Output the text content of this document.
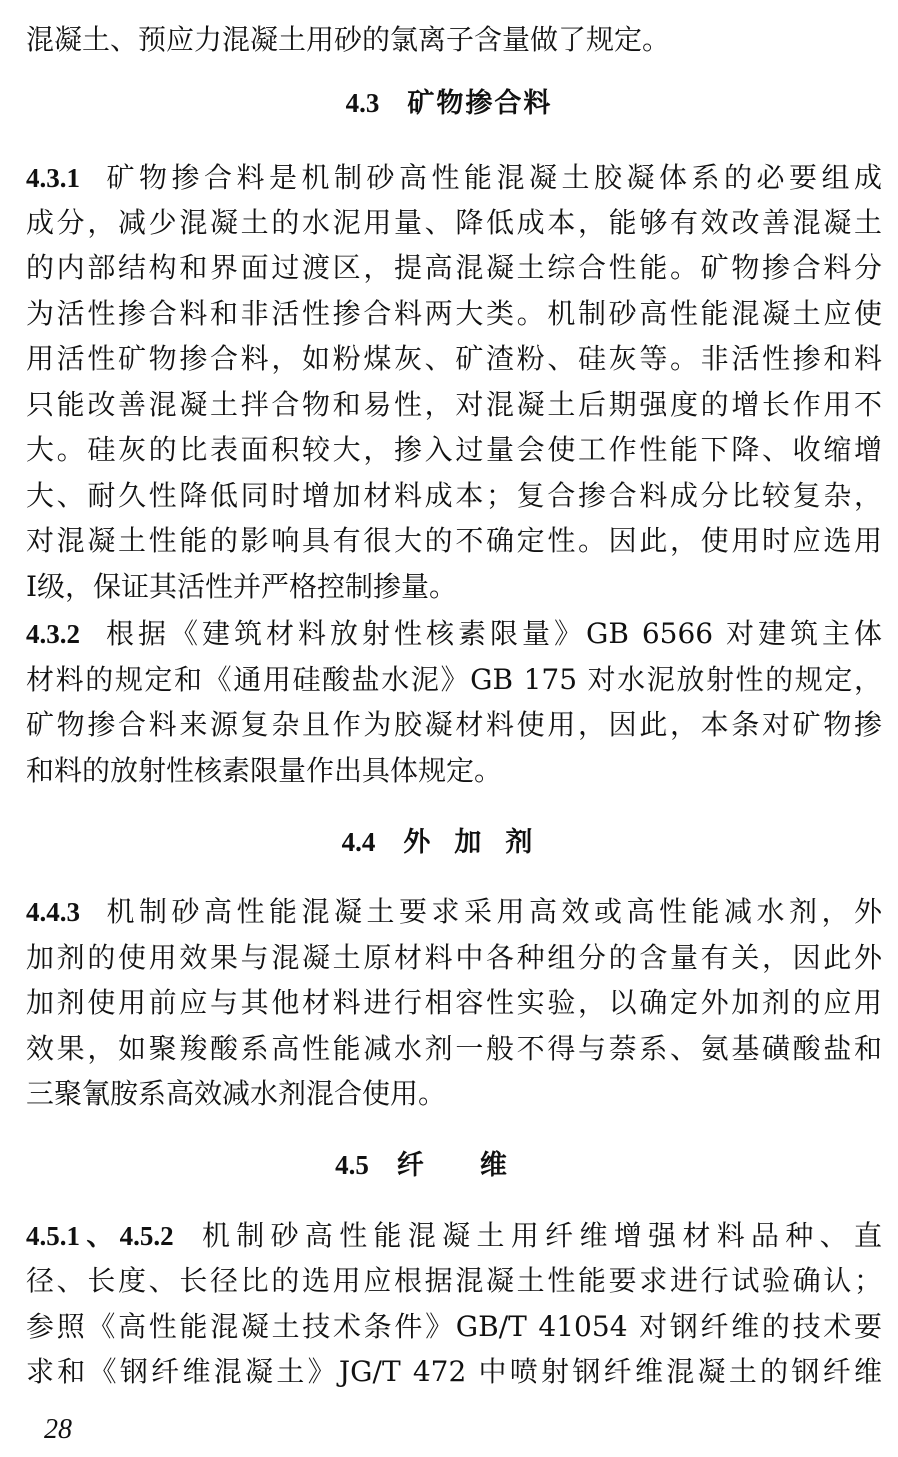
混凝土、预应力混凝土用砂的氯离子含量做了规定。
4.3 矿物掺合料
4.3.1 矿物掺合料是机制砂高性能混凝土胶凝体系的必要组成
成分，减少混凝土的水泥用量、降低成本，能够有效改善混凝土
的内部结构和界面过渡区，提高混凝土综合性能。矿物掺合料分
为活性掺合料和非活性掺合料两大类。机制砂高性能混凝土应使
用活性矿物掺合料，如粉煤灰、矿渣粉、硅灰等。非活性掺和料
只能改善混凝土拌合物和易性，对混凝土后期强度的增长作用不
大。硅灰的比表面积较大，掺入过量会使工作性能下降、收缩增
大、耐久性降低同时增加材料成本；复合掺合料成分比较复杂，
对混凝土性能的影响具有很大的不确定性。因此，使用时应选用
Ⅰ级，保证其活性并严格控制掺量。
4.3.2 根据《建筑材料放射性核素限量》GB 6566 对建筑主体
材料的规定和《通用硅酸盐水泥》GB 175 对水泥放射性的规定，
矿物掺合料来源复杂且作为胶凝材料使用，因此，本条对矿物掺
和料的放射性核素限量作出具体规定。
4.4 外加剂
4.4.3 机制砂高性能混凝土要求采用高效或高性能减水剂，外
加剂的使用效果与混凝土原材料中各种组分的含量有关，因此外
加剂使用前应与其他材料进行相容性实验，以确定外加剂的应用
效果，如聚羧酸系高性能减水剂一般不得与萘系、氨基磺酸盐和
三聚氰胺系高效减水剂混合使用。
4.5 纤维
4.5.1、4.5.2 机制砂高性能混凝土用纤维增强材料品种、直
径、长度、长径比的选用应根据混凝土性能要求进行试验确认；
参照《高性能混凝土技术条件》GB/T 41054 对钢纤维的技术要
求和《钢纤维混凝土》JG/T 472 中喷射钢纤维混凝土的钢纤维
28
